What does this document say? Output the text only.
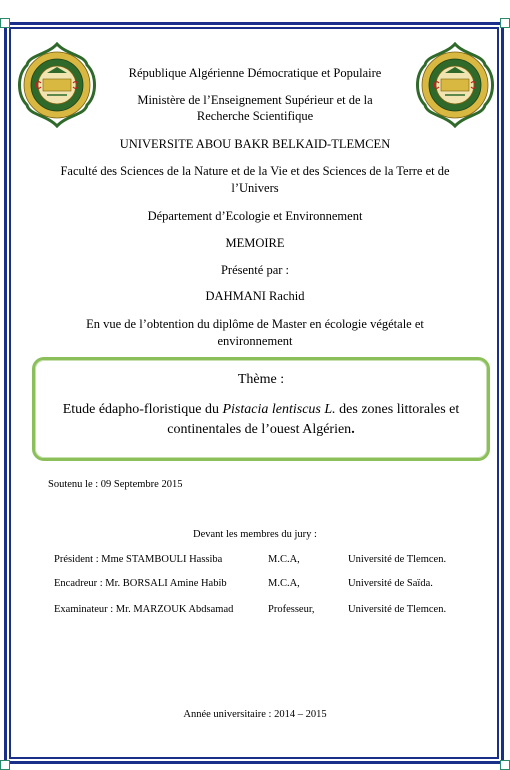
République Algérienne Démocratique et Populaire
Ministère de l’Enseignement Supérieur et de la
Recherche Scientifique
UNIVERSITE ABOU BAKR BELKAID-TLEMCEN
Faculté des Sciences de la Nature et de la Vie et des Sciences de la Terre et de
l’Univers
Département d’Ecologie et Environnement
MEMOIRE
Présenté par :
DAHMANI Rachid
En vue de l’obtention du diplôme de Master en écologie végétale et
environnement
Thème :
Etude édapho-floristique du Pistacia lentiscus L. des zones littorales et
continentales de l’ouest Algérien.
Soutenu le : 09 Septembre 2015
Devant les membres du jury :
Président : Mme STAMBOULI Hassiba	M.C.A,	Université de Tlemcen.
Encadreur : Mr. BORSALI Amine Habib	M.C.A,	Université de Saïda.
Examinateur : Mr. MARZOUK Abdsamad	Professeur,	Université de Tlemcen.
Année universitaire : 2014 – 2015
